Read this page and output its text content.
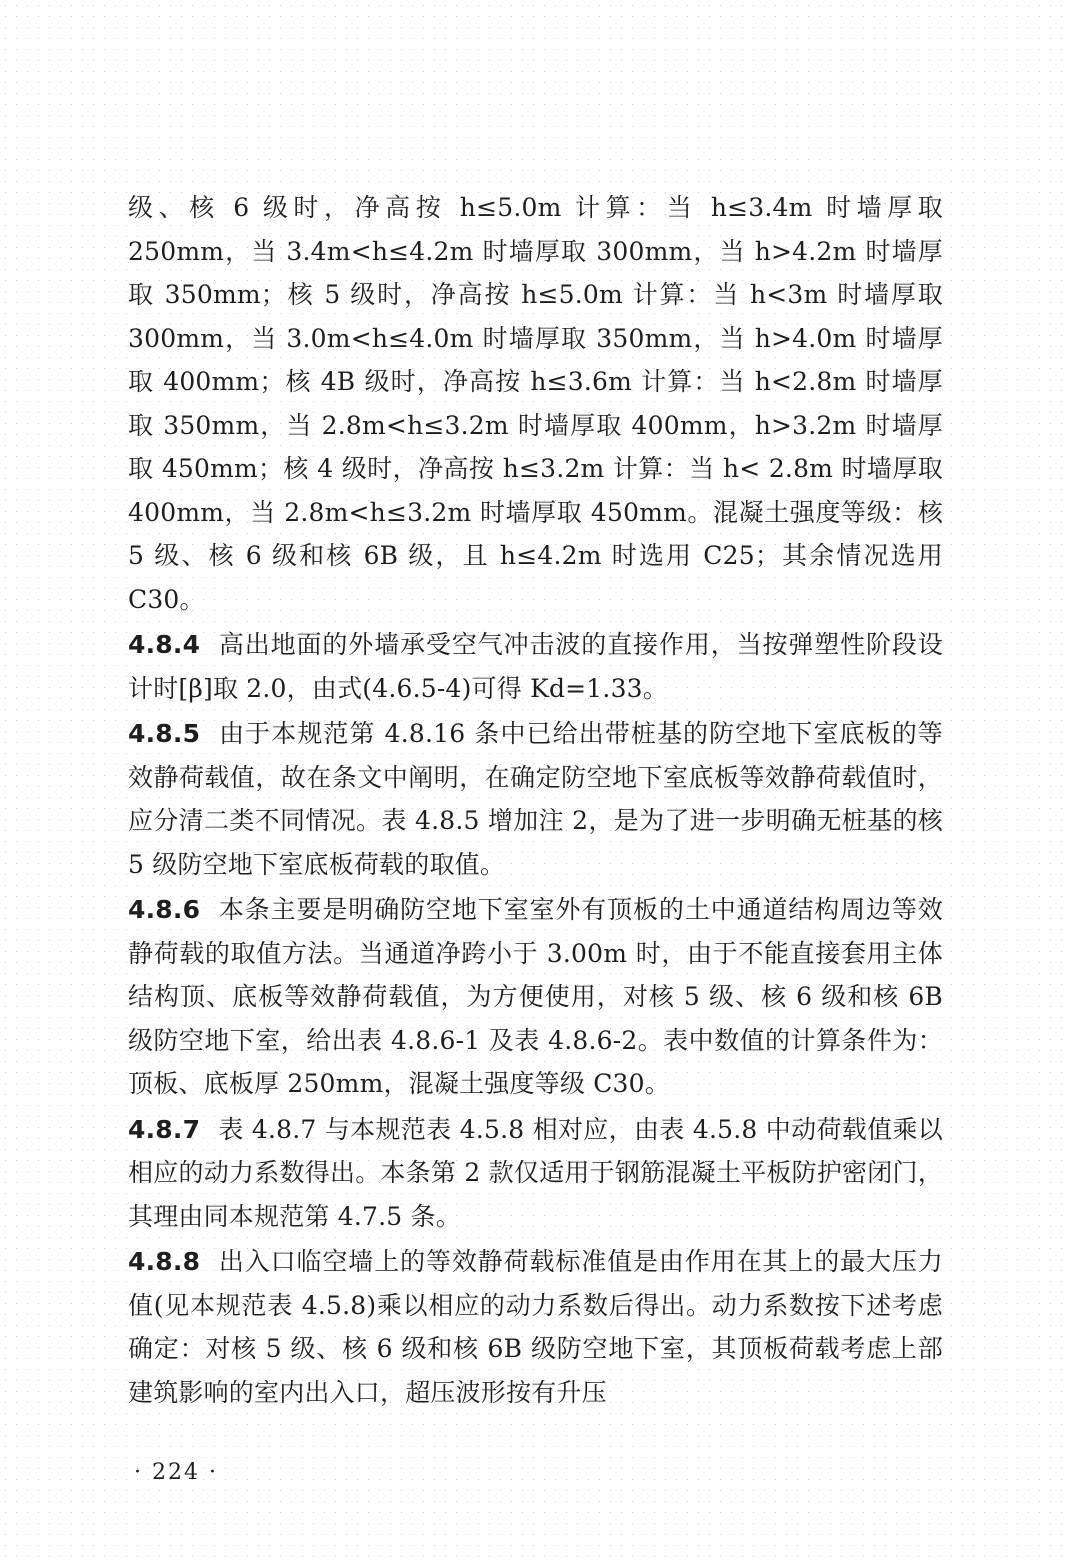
级、核 6 级时，净高按 h≤5.0m 计算：当 h≤3.4m 时墙厚取 250mm，当 3.4m<h≤4.2m 时墙厚取 300mm，当 h>4.2m 时墙厚取 350mm；核 5 级时，净高按 h≤5.0m 计算：当 h<3m 时墙厚取 300mm，当 3.0m<h≤4.0m 时墙厚取 350mm，当 h>4.0m 时墙厚取 400mm；核 4B 级时，净高按 h≤3.6m 计算：当 h<2.8m 时墙厚取 350mm，当 2.8m<h≤3.2m 时墙厚取 400mm，h>3.2m 时墙厚取 450mm；核 4 级时，净高按 h≤3.2m 计算：当 h< 2.8m 时墙厚取 400mm，当 2.8m<h≤3.2m 时墙厚取 450mm。混凝土强度等级：核 5 级、核 6 级和核 6B 级，且 h≤4.2m 时选用 C25；其余情况选用 C30。

4.8.4 高出地面的外墙承受空气冲击波的直接作用，当按弹塑性阶段设计时[β]取 2.0，由式(4.6.5-4)可得 Kd=1.33。

4.8.5 由于本规范第 4.8.16 条中已给出带桩基的防空地下室底板的等效静荷载值，故在条文中阐明，在确定防空地下室底板等效静荷载值时，应分清二类不同情况。表 4.8.5 增加注 2，是为了进一步明确无桩基的核 5 级防空地下室底板荷载的取值。

4.8.6 本条主要是明确防空地下室室外有顶板的土中通道结构周边等效静荷载的取值方法。当通道净跨小于 3.00m 时，由于不能直接套用主体结构顶、底板等效静荷载值，为方便使用，对核 5 级、核 6 级和核 6B 级防空地下室，给出表 4.8.6-1 及表 4.8.6-2。表中数值的计算条件为：顶板、底板厚 250mm，混凝土强度等级 C30。

4.8.7 表 4.8.7 与本规范表 4.5.8 相对应，由表 4.5.8 中动荷载值乘以相应的动力系数得出。本条第 2 款仅适用于钢筋混凝土平板防护密闭门，其理由同本规范第 4.7.5 条。

4.8.8 出入口临空墙上的等效静荷载标准值是由作用在其上的最大压力值(见本规范表 4.5.8)乘以相应的动力系数后得出。动力系数按下述考虑确定：对核 5 级、核 6 级和核 6B 级防空地下室，其顶板荷载考虑上部建筑影响的室内出入口，超压波形按有升压

· 224 ·
